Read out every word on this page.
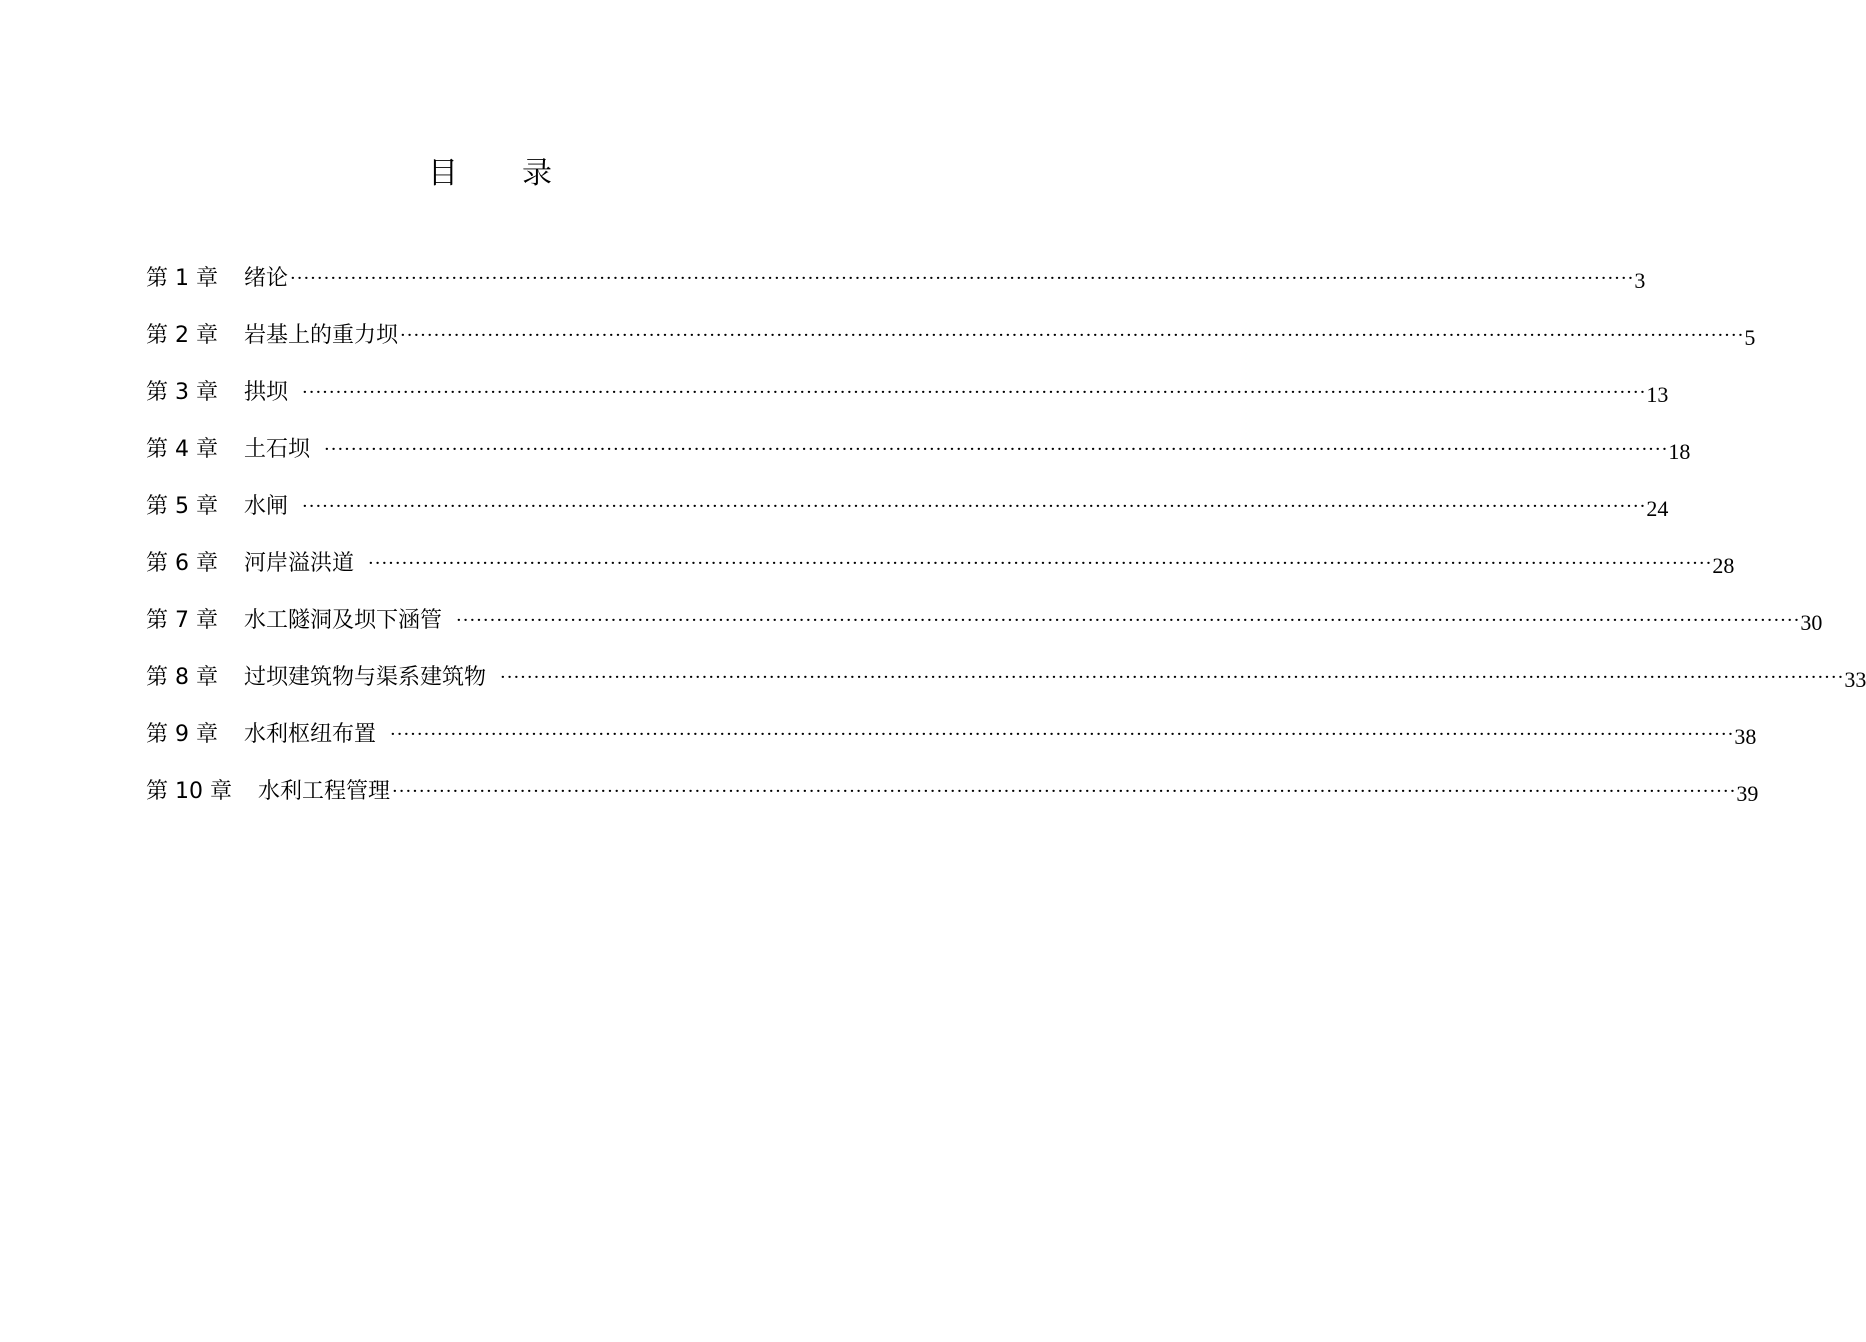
目 录
第 1 章 绪论 ········································································································································································································ 3
第 2 章 岩基上的重力坝 ········································································································································································································ 5
第 3 章 拱坝 ········································································································································································································ 13
第 4 章 土石坝 ········································································································································································································ 18
第 5 章 水闸 ········································································································································································································ 24
第 6 章 河岸溢洪道 ········································································································································································································ 28
第 7 章 水工隧洞及坝下涵管 ········································································································································································································ 30
第 8 章 过坝建筑物与渠系建筑物 ········································································································································································································ 33
第 9 章 水利枢纽布置 ········································································································································································································ 38
第 10 章 水利工程管理 ········································································································································································································ 39
